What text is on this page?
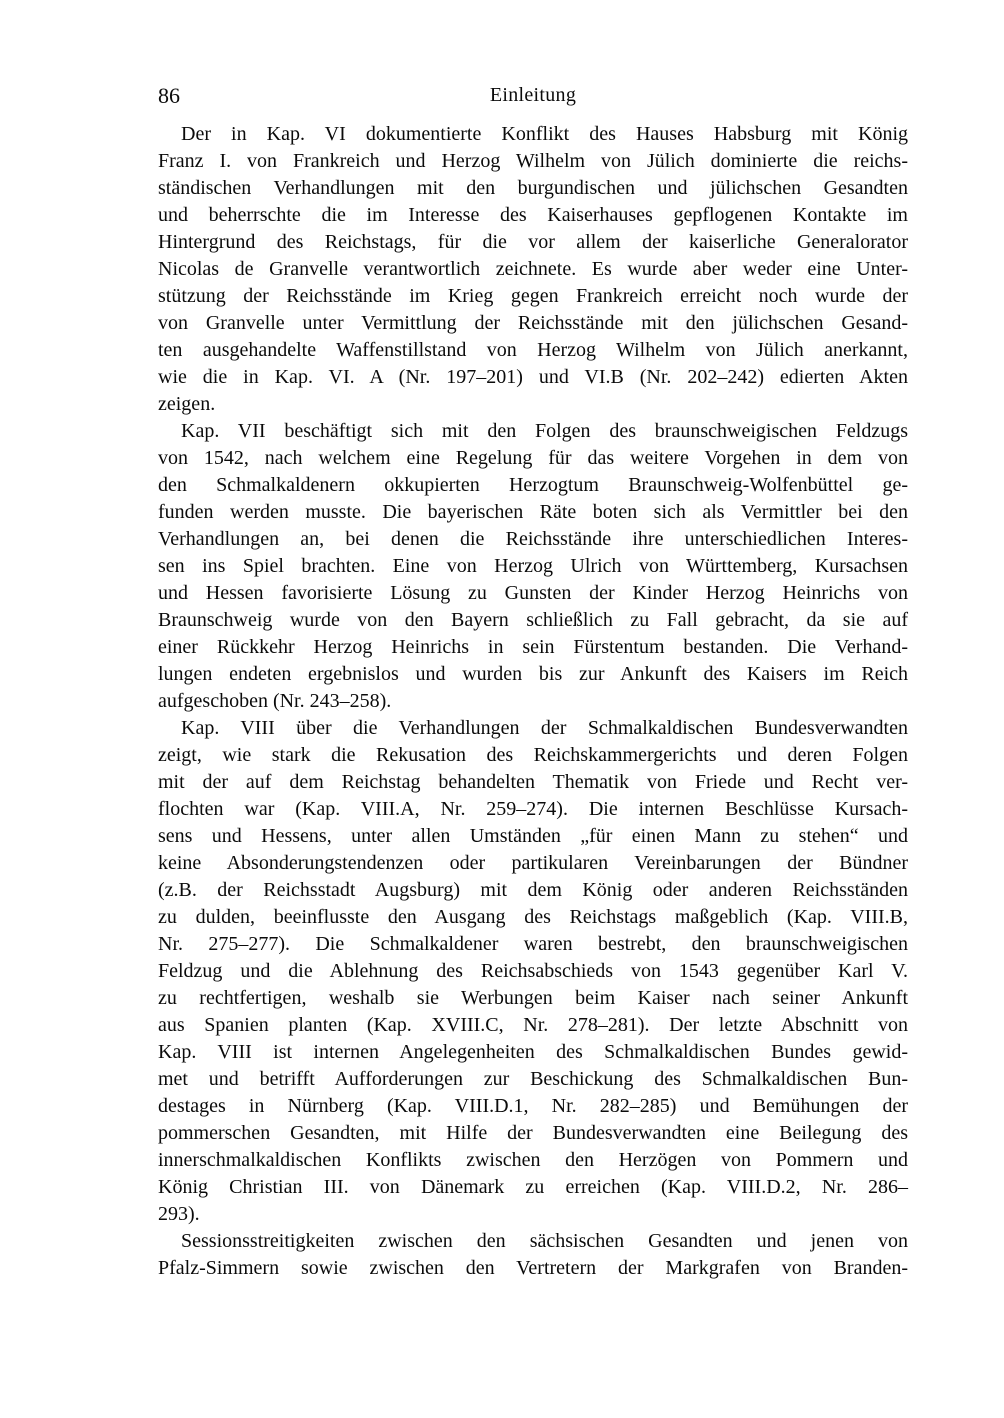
86	Einleitung
Der in Kap. VI dokumentierte Konflikt des Hauses Habsburg mit König
Franz I. von Frankreich und Herzog Wilhelm von Jülich dominierte die reichs-
ständischen Verhandlungen mit den burgundischen und jülichschen Gesandten
und beherrschte die im Interesse des Kaiserhauses gepflogenen Kontakte im
Hintergrund des Reichstags, für die vor allem der kaiserliche Generalorator
Nicolas de Granvelle verantwortlich zeichnete. Es wurde aber weder eine Unter-
stützung der Reichsstände im Krieg gegen Frankreich erreicht noch wurde der
von Granvelle unter Vermittlung der Reichsstände mit den jülichschen Gesand-
ten ausgehandelte Waffenstillstand von Herzog Wilhelm von Jülich anerkannt,
wie die in Kap. VI. A (Nr. 197–201) und VI.B (Nr. 202–242) edierten Akten
zeigen.
Kap. VII beschäftigt sich mit den Folgen des braunschweigischen Feldzugs
von 1542, nach welchem eine Regelung für das weitere Vorgehen in dem von
den Schmalkaldenern okkupierten Herzogtum Braunschweig-Wolfenbüttel ge-
funden werden musste. Die bayerischen Räte boten sich als Vermittler bei den
Verhandlungen an, bei denen die Reichsstände ihre unterschiedlichen Interes-
sen ins Spiel brachten. Eine von Herzog Ulrich von Württemberg, Kursachsen
und Hessen favorisierte Lösung zu Gunsten der Kinder Herzog Heinrichs von
Braunschweig wurde von den Bayern schließlich zu Fall gebracht, da sie auf
einer Rückkehr Herzog Heinrichs in sein Fürstentum bestanden. Die Verhand-
lungen endeten ergebnislos und wurden bis zur Ankunft des Kaisers im Reich
aufgeschoben (Nr. 243–258).
Kap. VIII über die Verhandlungen der Schmalkaldischen Bundesverwandten
zeigt, wie stark die Rekusation des Reichskammergerichts und deren Folgen
mit der auf dem Reichstag behandelten Thematik von Friede und Recht ver-
flochten war (Kap. VIII.A, Nr. 259–274). Die internen Beschlüsse Kursach-
sens und Hessens, unter allen Umständen „für einen Mann zu stehen“ und
keine Absonderungstendenzen oder partikularen Vereinbarungen der Bündner
(z.B. der Reichsstadt Augsburg) mit dem König oder anderen Reichsständen
zu dulden, beeinflusste den Ausgang des Reichstags maßgeblich (Kap. VIII.B,
Nr. 275–277). Die Schmalkaldener waren bestrebt, den braunschweigischen
Feldzug und die Ablehnung des Reichsabschieds von 1543 gegenüber Karl V.
zu rechtfertigen, weshalb sie Werbungen beim Kaiser nach seiner Ankunft
aus Spanien planten (Kap. XVIII.C, Nr. 278–281). Der letzte Abschnitt von
Kap. VIII ist internen Angelegenheiten des Schmalkaldischen Bundes gewid-
met und betrifft Aufforderungen zur Beschickung des Schmalkaldischen Bun-
destages in Nürnberg (Kap. VIII.D.1, Nr. 282–285) und Bemühungen der
pommerschen Gesandten, mit Hilfe der Bundesverwandten eine Beilegung des
innerschmalkaldischen Konflikts zwischen den Herzögen von Pommern und
König Christian III. von Dänemark zu erreichen (Kap. VIII.D.2, Nr. 286–
293).
Sessionsstreitigkeiten zwischen den sächsischen Gesandten und jenen von
Pfalz-Simmern sowie zwischen den Vertretern der Markgrafen von Branden-
